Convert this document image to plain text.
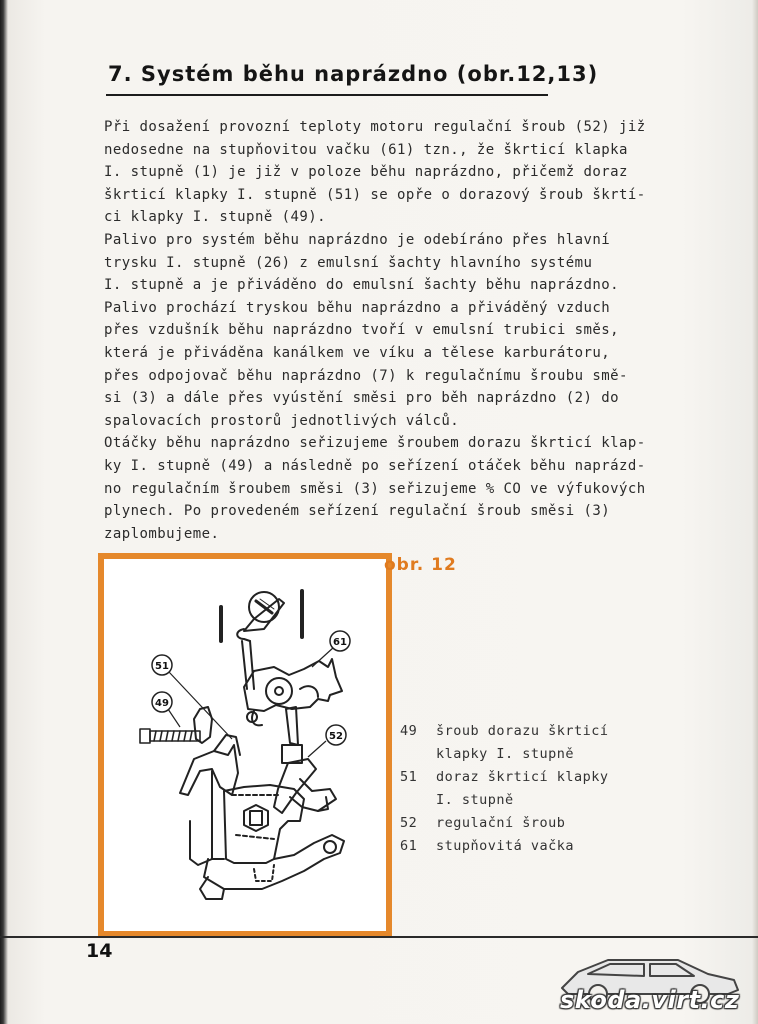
7. Systém běhu naprázdno (obr.12,13)
Při dosažení provozní teploty motoru regulační šroub (52) již
nedosedne na stupňovitou vačku (61) tzn., že škrticí klapka
I. stupně (1) je již v poloze běhu naprázdno, přičemž doraz
škrticí klapky I. stupně (51) se opře o dorazový šroub škrtí-
ci klapky I. stupně (49).
Palivo pro systém běhu naprázdno je odebíráno přes hlavní
trysku I. stupně (26) z emulsní šachty hlavního systému
I. stupně a je přiváděno do emulsní šachty běhu naprázdno.
Palivo prochází tryskou běhu naprázdno a přiváděný vzduch
přes vzdušník běhu naprázdno tvoří v emulsní trubici směs,
která je přiváděna kanálkem ve víku a tělese karburátoru,
přes odpojovač běhu naprázdno (7) k regulačnímu šroubu smě-
si (3) a dále přes vyústění směsi pro běh naprázdno (2) do
spalovacích prostorů jednotlivých válců.
Otáčky běhu naprázdno seřizujeme šroubem dorazu škrticí klap-
ky I. stupně (49) a následně po seřízení otáček běhu naprázd-
no regulačním šroubem směsi (3) seřizujeme % CO ve výfukových
plynech. Po provedeném seřízení regulační šroub směsi (3)
zaplombujeme.
51
49
61
52
obr. 12
49	šroub dorazu škrticí
klapky I. stupně
51	doraz škrticí klapky
I. stupně
52	regulační šroub
61	stupňovitá vačka
14
skoda.virt.cz
